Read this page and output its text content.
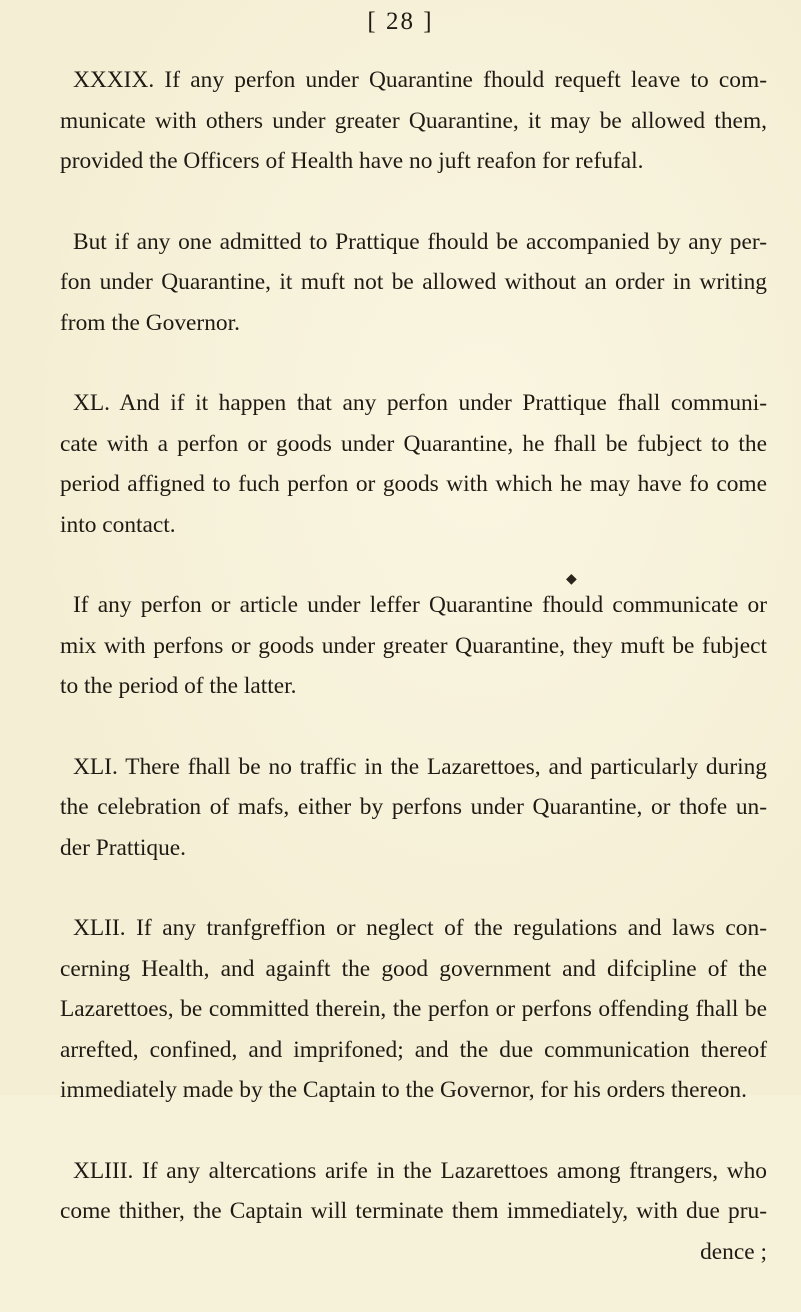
[ 28 ]
XXXIX. If any perfon under Quarantine fhould requeft leave to com-
municate with others under greater Quarantine, it may be allowed them,
provided the Officers of Health have no juft reafon for refufal.
But if any one admitted to Prattique fhould be accompanied by any per-
fon under Quarantine, it muft not be allowed without an order in writing
from the Governor.
XL. And if it happen that any perfon under Prattique fhall communi-
cate with a perfon or goods under Quarantine, he fhall be fubject to the
period affigned to fuch perfon or goods with which he may have fo come
into contact.
If any perfon or article under leffer Quarantine fhould communicate or
mix with perfons or goods under greater Quarantine, they muft be fubject
to the period of the latter.
XLI. There fhall be no traffic in the Lazarettoes, and particularly during
the celebration of mafs, either by perfons under Quarantine, or thofe un-
der Prattique.
XLII. If any tranfgreffion or neglect of the regulations and laws con-
cerning Health, and againft the good government and difcipline of the
Lazarettoes, be committed therein, the perfon or perfons offending fhall be
arrefted, confined, and imprifoned; and the due communication thereof
immediately made by the Captain to the Governor, for his orders thereon.
XLIII. If any altercations arife in the Lazarettoes among ftrangers, who
come thither, the Captain will terminate them immediately, with due pru-
dence ;
◆
